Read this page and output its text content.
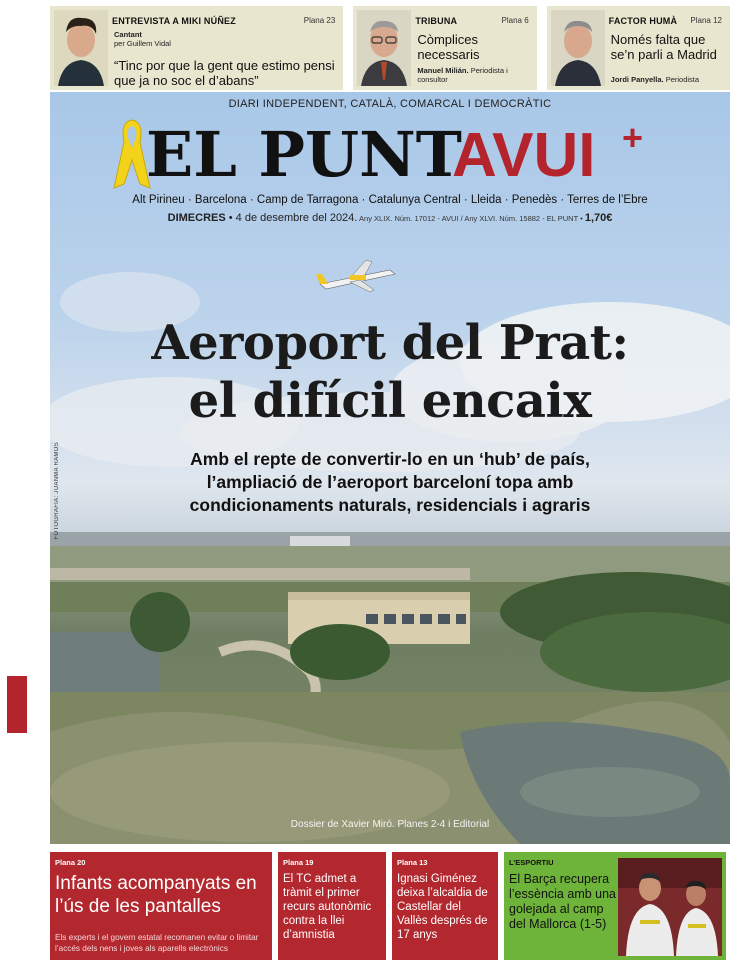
ENTREVISTA A MIKI NÚÑEZ	Plana 23
Cantant
per Guillem Vidal
“Tinc por que la gent que estimo pensi que ja no soc el d’abans”
TRIBUNA	Plana 6
Còmplices necessaris
Manuel Milián. Periodista i consultor
FACTOR HUMÀ Plana 12
Només falta que se’n parli a Madrid
Jordi Panyella. Periodista
DIARI INDEPENDENT, CATALÀ, COMARCAL I DEMOCRÀTIC
EL PUNT
AVUI +
Alt Pirineu · Barcelona · Camp de Tarragona · Catalunya Central · Lleida · Penedès · Terres de l’Ebre
DIMECRES • 4 de desembre del 2024. Any XLIX. Núm. 17012 - AVUI / Any XLVI. Núm. 15882 - EL PUNT • 1,70€
Aeroport del Prat:
el difícil encaix
Amb el repte de convertir-lo en un ‘hub’ de país,
l’ampliació de l’aeroport barceloní topa amb
condicionaments naturals, residencials i agraris
FOTOGRAFIA: JUANMA RAMOS
Dossier de Xavier Miró. Planes 2-4 i Editorial
Plana 20
Infants acompanyats en l’ús de les pantalles
Els experts i el govern estatal recomanen evitar o limitar l’accés dels nens i joves als aparells electrònics
Plana 19
El TC admet a tràmit el primer recurs autonòmic contra la llei d’amnistia
Plana 13
Ignasi Giménez deixa l’alcaldia de Castellar del Vallès després de 17 anys
L’ESPORTIU
El Barça recupera l’essència amb una golejada al camp del Mallorca (1-5)
